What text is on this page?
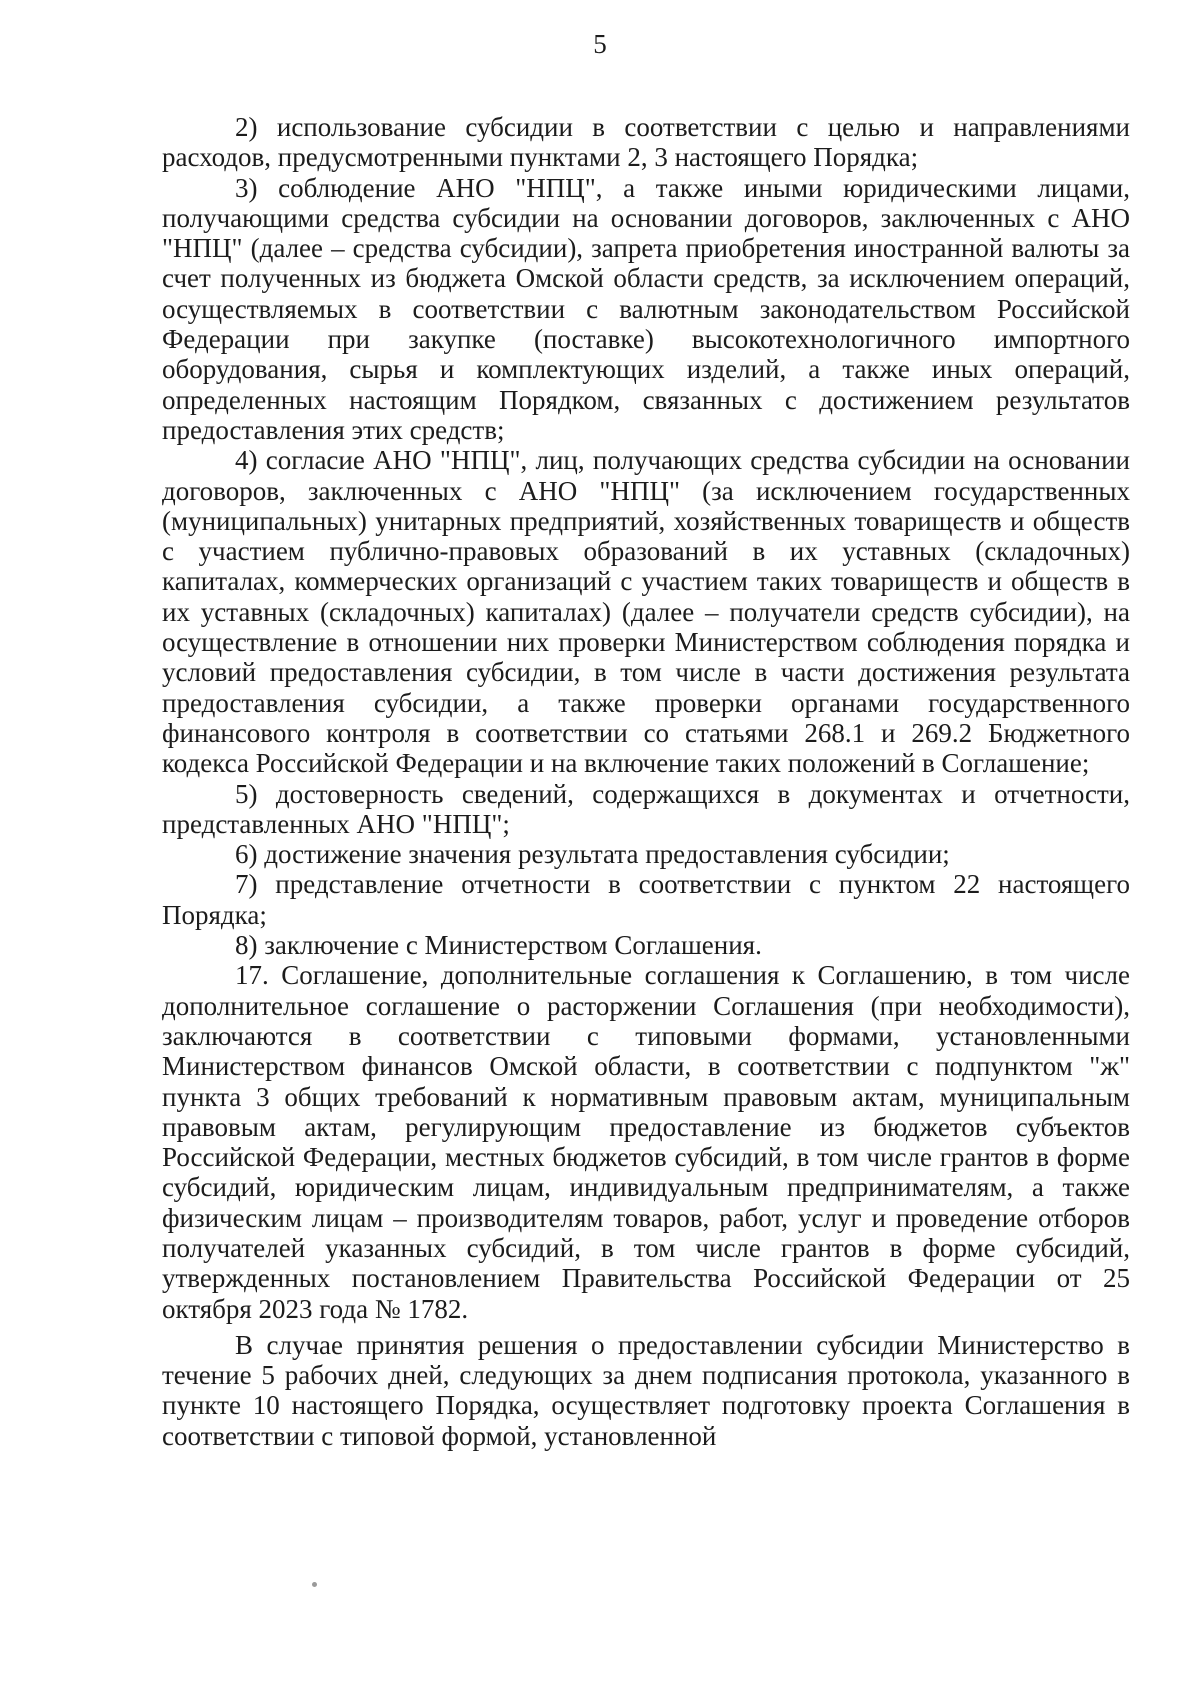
5

2) использование субсидии в соответствии с целью и направлениями расходов, предусмотренными пунктами 2, 3 настоящего Порядка;

3) соблюдение АНО "НПЦ", а также иными юридическими лицами, получающими средства субсидии на основании договоров, заключенных с АНО "НПЦ" (далее – средства субсидии), запрета приобретения иностранной валюты за счет полученных из бюджета Омской области средств, за исключением операций, осуществляемых в соответствии с валютным законодательством Российской Федерации при закупке (поставке) высокотехнологичного импортного оборудования, сырья и комплектующих изделий, а также иных операций, определенных настоящим Порядком, связанных с достижением результатов предоставления этих средств;

4) согласие АНО "НПЦ", лиц, получающих средства субсидии на основании договоров, заключенных с АНО "НПЦ" (за исключением государственных (муниципальных) унитарных предприятий, хозяйственных товариществ и обществ с участием публично-правовых образований в их уставных (складочных) капиталах, коммерческих организаций с участием таких товариществ и обществ в их уставных (складочных) капиталах) (далее – получатели средств субсидии), на осуществление в отношении них проверки Министерством соблюдения порядка и условий предоставления субсидии, в том числе в части достижения результата предоставления субсидии, а также проверки органами государственного финансового контроля в соответствии со статьями 268.1 и 269.2 Бюджетного кодекса Российской Федерации и на включение таких положений в Соглашение;

5) достоверность сведений, содержащихся в документах и отчетности, представленных АНО "НПЦ";

6) достижение значения результата предоставления субсидии;

7) представление отчетности в соответствии с пунктом 22 настоящего Порядка;

8) заключение с Министерством Соглашения.

17. Соглашение, дополнительные соглашения к Соглашению, в том числе дополнительное соглашение о расторжении Соглашения (при необходимости), заключаются в соответствии с типовыми формами, установленными Министерством финансов Омской области, в соответствии с подпунктом "ж" пункта 3 общих требований к нормативным правовым актам, муниципальным правовым актам, регулирующим предоставление из бюджетов субъектов Российской Федерации, местных бюджетов субсидий, в том числе грантов в форме субсидий, юридическим лицам, индивидуальным предпринимателям, а также физическим лицам – производителям товаров, работ, услуг и проведение отборов получателей указанных субсидий, в том числе грантов в форме субсидий, утвержденных постановлением Правительства Российской Федерации от 25 октября 2023 года № 1782.

В случае принятия решения о предоставлении субсидии Министерство в течение 5 рабочих дней, следующих за днем подписания протокола, указанного в пункте 10 настоящего Порядка, осуществляет подготовку проекта Соглашения в соответствии с типовой формой, установленной
